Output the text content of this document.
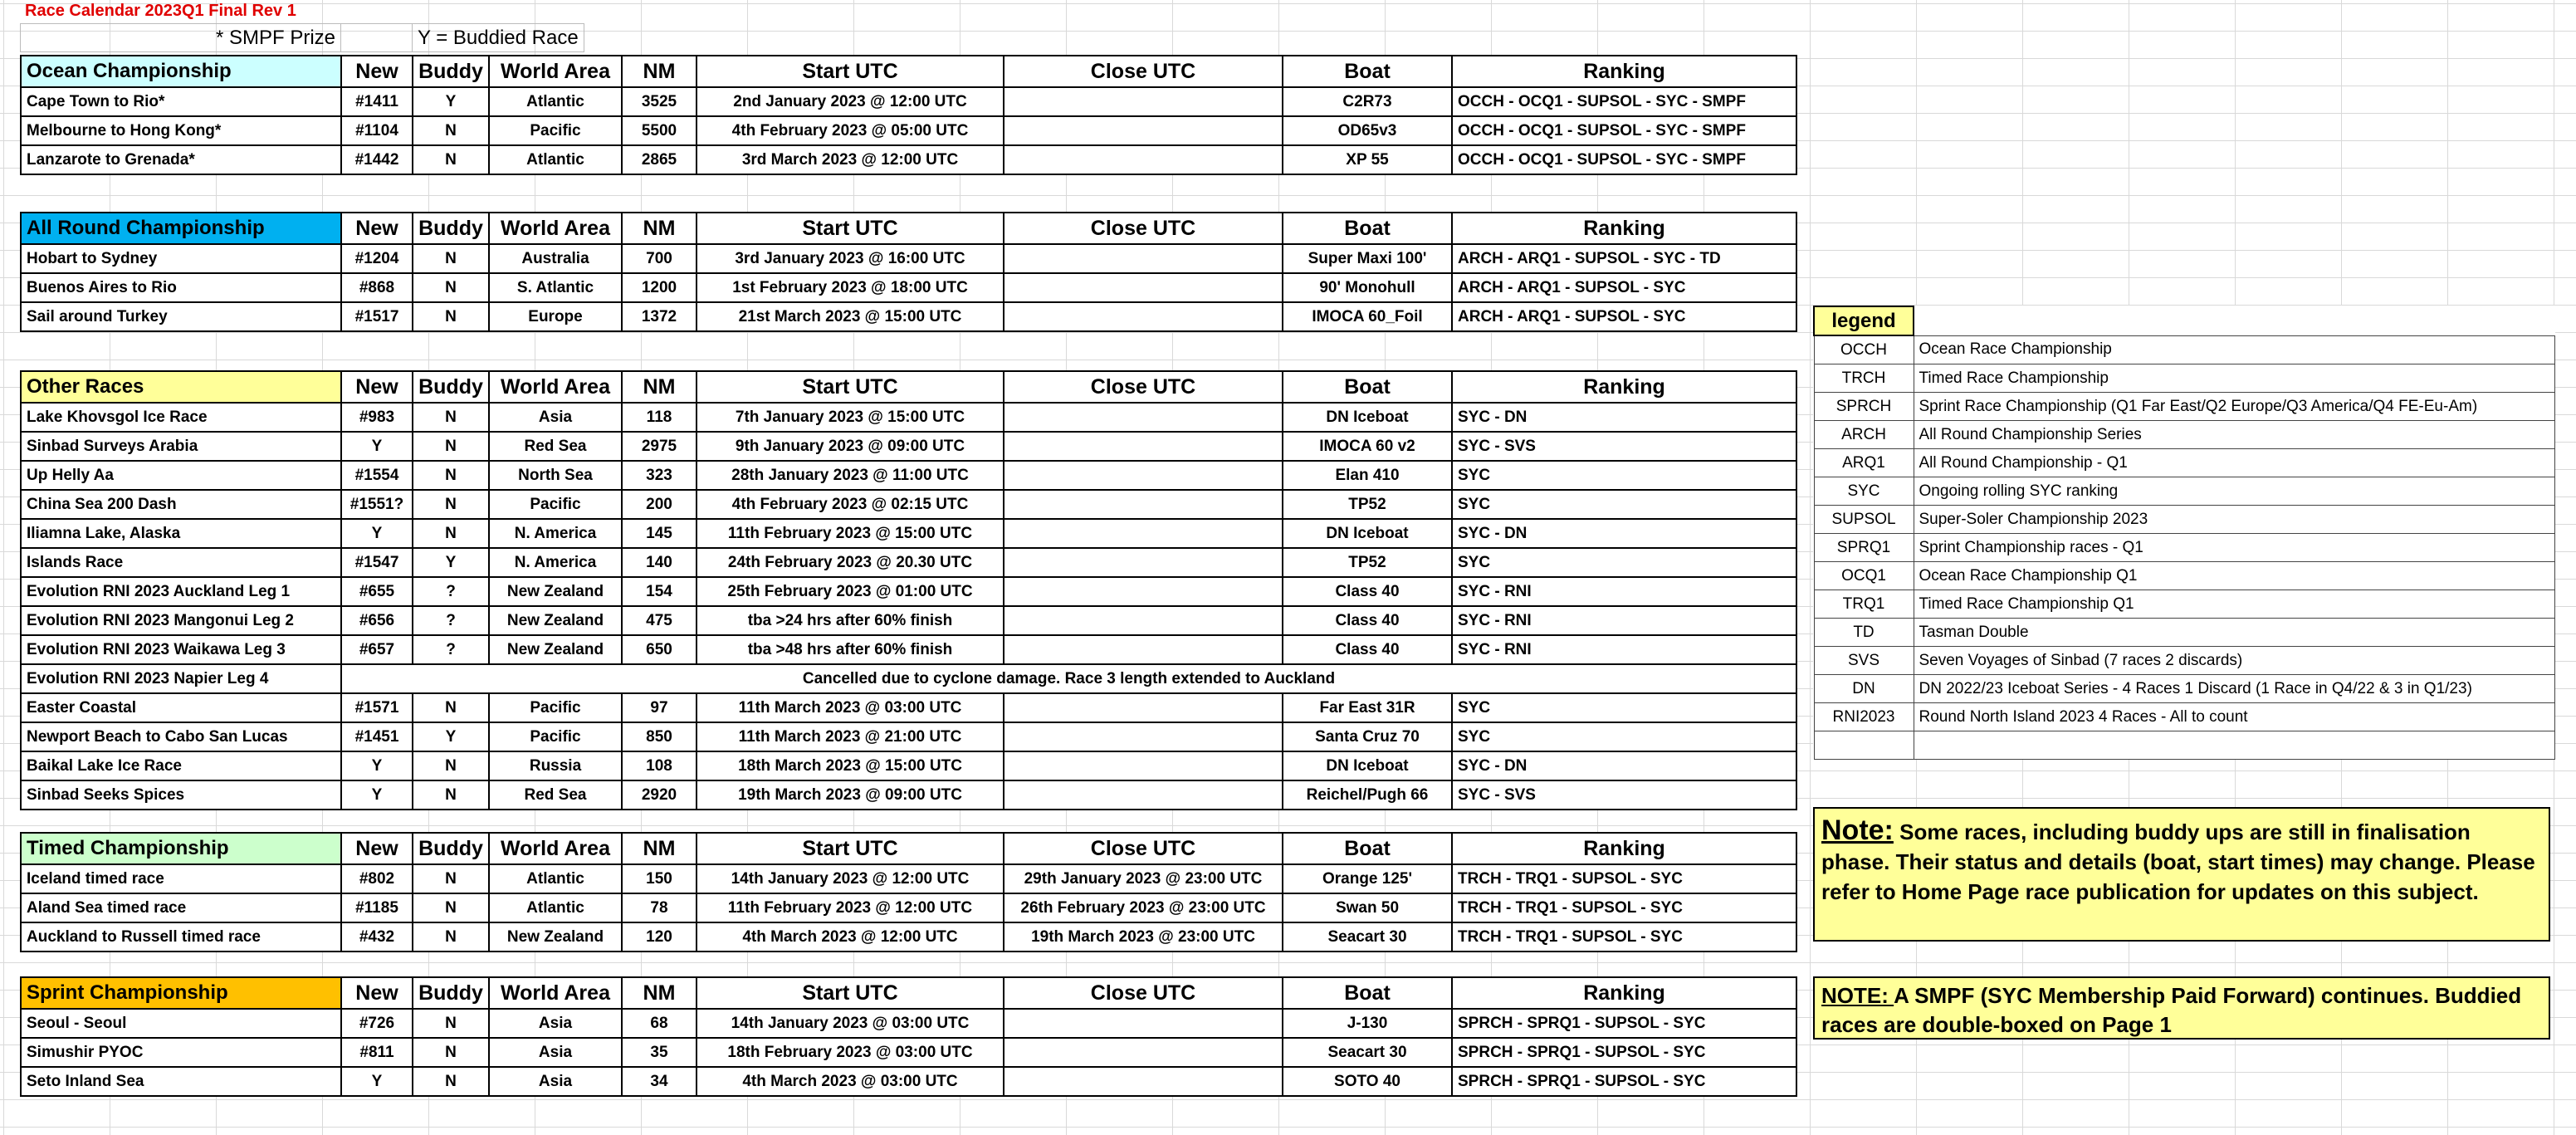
Race Calendar 2023Q1 Final Rev 1
* SMPF Prize		Y = Buddied Race
Ocean Championship	New	Buddy	World Area	NM	Start UTC	Close UTC	Boat	Ranking
Cape Town to Rio*	#1411	Y	Atlantic	3525	2nd January 2023 @ 12:00 UTC		C2R73	OCCH - OCQ1 - SUPSOL - SYC - SMPF
Melbourne to Hong Kong*	#1104	N	Pacific	5500	4th February 2023 @ 05:00 UTC		OD65v3	OCCH - OCQ1 - SUPSOL - SYC - SMPF
Lanzarote to Grenada*	#1442	N	Atlantic	2865	3rd March 2023 @ 12:00 UTC		XP 55	OCCH - OCQ1 - SUPSOL - SYC - SMPF
All Round Championship	New	Buddy	World Area	NM	Start UTC	Close UTC	Boat	Ranking
Hobart to Sydney	#1204	N	Australia	700	3rd January 2023 @ 16:00 UTC		Super Maxi 100'	ARCH - ARQ1 - SUPSOL - SYC - TD
Buenos Aires to Rio	#868	N	S. Atlantic	1200	1st February 2023 @ 18:00 UTC		90' Monohull	ARCH - ARQ1 - SUPSOL - SYC
Sail around Turkey	#1517	N	Europe	1372	21st March 2023 @ 15:00 UTC		IMOCA 60_Foil	ARCH - ARQ1 - SUPSOL - SYC
Other Races	New	Buddy	World Area	NM	Start UTC	Close UTC	Boat	Ranking
Lake Khovsgol Ice Race	#983	N	Asia	118	7th January 2023 @ 15:00 UTC		DN Iceboat	SYC - DN
Sinbad Surveys Arabia	Y	N	Red Sea	2975	9th January 2023 @ 09:00 UTC		IMOCA 60 v2	SYC - SVS
Up Helly Aa	#1554	N	North Sea	323	28th January 2023 @ 11:00 UTC		Elan 410	SYC
China Sea 200 Dash	#1551?	N	Pacific	200	4th February 2023 @ 02:15 UTC		TP52	SYC
Iliamna Lake, Alaska	Y	N	N. America	145	11th February 2023 @ 15:00 UTC		DN Iceboat	SYC - DN
Islands Race	#1547	Y	N. America	140	24th February 2023 @ 20.30 UTC		TP52	SYC
Evolution RNI 2023 Auckland Leg 1	#655	?	New Zealand	154	25th February 2023 @ 01:00 UTC		Class 40	SYC - RNI
Evolution RNI 2023 Mangonui Leg 2	#656	?	New Zealand	475	tba >24 hrs after 60% finish		Class 40	SYC - RNI
Evolution RNI 2023 Waikawa Leg 3	#657	?	New Zealand	650	tba >48 hrs after 60% finish		Class 40	SYC - RNI
Evolution RNI 2023 Napier Leg 4	Cancelled due to cyclone damage. Race 3 length extended to Auckland							
Easter Coastal	#1571	N	Pacific	97	11th March 2023 @ 03:00 UTC		Far East 31R	SYC
Newport Beach to Cabo San Lucas	#1451	Y	Pacific	850	11th March 2023 @ 21:00 UTC		Santa Cruz 70	SYC
Baikal Lake Ice Race	Y	N	Russia	108	18th March 2023 @ 15:00 UTC		DN Iceboat	SYC - DN
Sinbad Seeks Spices	Y	N	Red Sea	2920	19th March 2023 @ 09:00 UTC		Reichel/Pugh 66	SYC - SVS
Timed Championship	New	Buddy	World Area	NM	Start UTC	Close UTC	Boat	Ranking
Iceland timed race	#802	N	Atlantic	150	14th January 2023 @ 12:00 UTC	29th January 2023 @ 23:00 UTC	Orange 125'	TRCH - TRQ1 - SUPSOL - SYC
Aland Sea timed race	#1185	N	Atlantic	78	11th February 2023 @ 12:00 UTC	26th February 2023 @ 23:00 UTC	Swan 50	TRCH - TRQ1 - SUPSOL - SYC
Auckland to Russell timed race	#432	N	New Zealand	120	4th March 2023 @ 12:00 UTC	19th March 2023 @ 23:00 UTC	Seacart 30	TRCH - TRQ1 - SUPSOL - SYC
Sprint Championship	New	Buddy	World Area	NM	Start UTC	Close UTC	Boat	Ranking
Seoul - Seoul	#726	N	Asia	68	14th January 2023 @ 03:00 UTC		J-130	SPRCH - SPRQ1 - SUPSOL - SYC
Simushir PYOC	#811	N	Asia	35	18th February 2023 @ 03:00 UTC		Seacart 30	SPRCH - SPRQ1 - SUPSOL - SYC
Seto Inland Sea	Y	N	Asia	34	4th March 2023 @ 03:00 UTC		SOTO 40	SPRCH - SPRQ1 - SUPSOL - SYC
legend	
OCCH	Ocean Race Championship
TRCH	Timed Race Championship
SPRCH	Sprint Race Championship (Q1 Far East/Q2 Europe/Q3 America/Q4 FE-Eu-Am)
ARCH	All Round Championship Series
ARQ1	All Round Championship - Q1
SYC	Ongoing rolling SYC ranking
SUPSOL	Super-Soler Championship 2023
SPRQ1	Sprint Championship races - Q1
OCQ1	Ocean Race Championship Q1
TRQ1	Timed Race Championship Q1
TD	Tasman Double
SVS	Seven Voyages of Sinbad (7 races 2 discards)
DN	DN 2022/23 Iceboat Series - 4 Races 1 Discard (1 Race in Q4/22 & 3 in Q1/23)
RNI2023	Round North Island 2023 4 Races - All to count

Note: Some races, including buddy ups are still in finalisation phase. Their status and details (boat, start times) may change. Please refer to Home Page race publication for updates on this subject.
NOTE: A SMPF (SYC Membership Paid Forward) continues. Buddied races are double-boxed on Page 1
